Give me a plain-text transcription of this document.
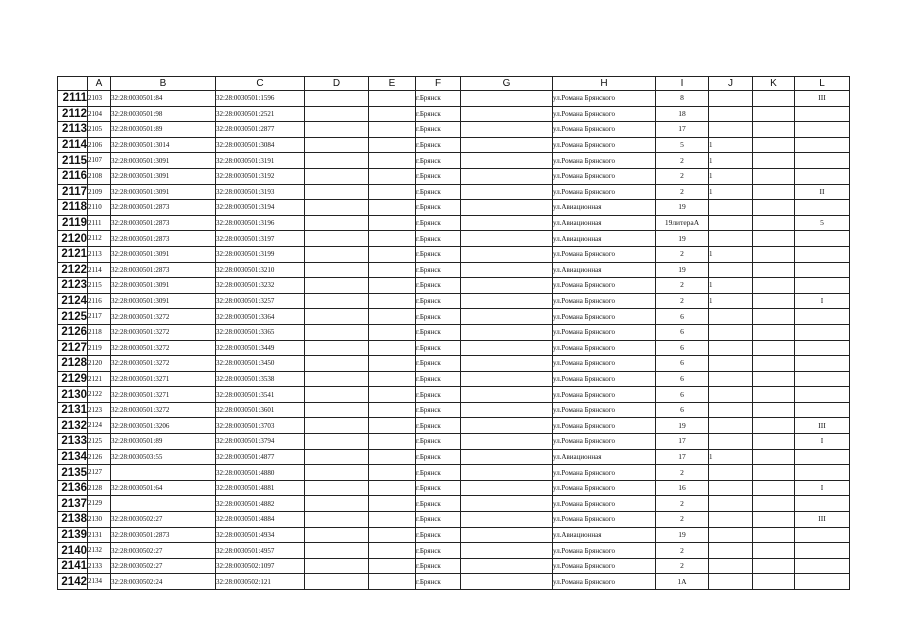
	A	B	C	D	E	F	G	H	I	J	K	L
2111	2103	32:28:0030501:84	32:28:0030501:1596			г.Брянск		ул.Романа Брянского	8			III
2112	2104	32:28:0030501:98	32:28:0030501:2521			г.Брянск		ул.Романа Брянского	18			
2113	2105	32:28:0030501:89	32:28:0030501:2877			г.Брянск		ул.Романа Брянского	17			
2114	2106	32:28:0030501:3014	32:28:0030501:3084			г.Брянск		ул.Романа Брянского	5	1		
2115	2107	32:28:0030501:3091	32:28:0030501:3191			г.Брянск		ул.Романа Брянского	2	1		
2116	2108	32:28:0030501:3091	32:28:0030501:3192			г.Брянск		ул.Романа Брянского	2	1		
2117	2109	32:28:0030501:3091	32:28:0030501:3193			г.Брянск		ул.Романа Брянского	2	1		II
2118	2110	32:28:0030501:2873	32:28:0030501:3194			г.Брянск		ул.Авиационная	19			
2119	2111	32:28:0030501:2873	32:28:0030501:3196			г.Брянск		ул.Авиационная	19литераА			5
2120	2112	32:28:0030501:2873	32:28:0030501:3197			г.Брянск		ул.Авиационная	19			
2121	2113	32:28:0030501:3091	32:28:0030501:3199			г.Брянск		ул.Романа Брянского	2	1		
2122	2114	32:28:0030501:2873	32:28:0030501:3210			г.Брянск		ул.Авиационная	19			
2123	2115	32:28:0030501:3091	32:28:0030501:3232			г.Брянск		ул.Романа Брянского	2	1		
2124	2116	32:28:0030501:3091	32:28:0030501:3257			г.Брянск		ул.Романа Брянского	2	1		I
2125	2117	32:28:0030501:3272	32:28:0030501:3364			г.Брянск		ул.Романа Брянского	6			
2126	2118	32:28:0030501:3272	32:28:0030501:3365			г.Брянск		ул.Романа Брянского	6			
2127	2119	32:28:0030501:3272	32:28:0030501:3449			г.Брянск		ул.Романа Брянского	6			
2128	2120	32:28:0030501:3272	32:28:0030501:3450			г.Брянск		ул.Романа Брянского	6			
2129	2121	32:28:0030501:3271	32:28:0030501:3538			г.Брянск		ул.Романа Брянского	6			
2130	2122	32:28:0030501:3271	32:28:0030501:3541			г.Брянск		ул.Романа Брянского	6			
2131	2123	32:28:0030501:3272	32:28:0030501:3601			г.Брянск		ул.Романа Брянского	6			
2132	2124	32:28:0030501:3206	32:28:0030501:3703			г.Брянск		ул.Романа Брянского	19			III
2133	2125	32:28:0030501:89	32:28:0030501:3794			г.Брянск		ул.Романа Брянского	17			I
2134	2126	32:28:0030503:55	32:28:0030501:4877			г.Брянск		ул.Авиационная	17	1		
2135	2127		32:28:0030501:4880			г.Брянск		ул.Романа Брянского	2			
2136	2128	32:28:0030501:64	32:28:0030501:4881			г.Брянск		ул.Романа Брянского	16			I
2137	2129		32:28:0030501:4882			г.Брянск		ул.Романа Брянского	2			
2138	2130	32:28:0030502:27	32:28:0030501:4884			г.Брянск		ул.Романа Брянского	2			III
2139	2131	32:28:0030501:2873	32:28:0030501:4934			г.Брянск		ул.Авиационная	19			
2140	2132	32:28:0030502:27	32:28:0030501:4957			г.Брянск		ул.Романа Брянского	2			
2141	2133	32:28:0030502:27	32:28:0030502:1097			г.Брянск		ул.Романа Брянского	2			
2142	2134	32:28:0030502:24	32:28:0030502:121			г.Брянск		ул.Романа Брянского	1А			
